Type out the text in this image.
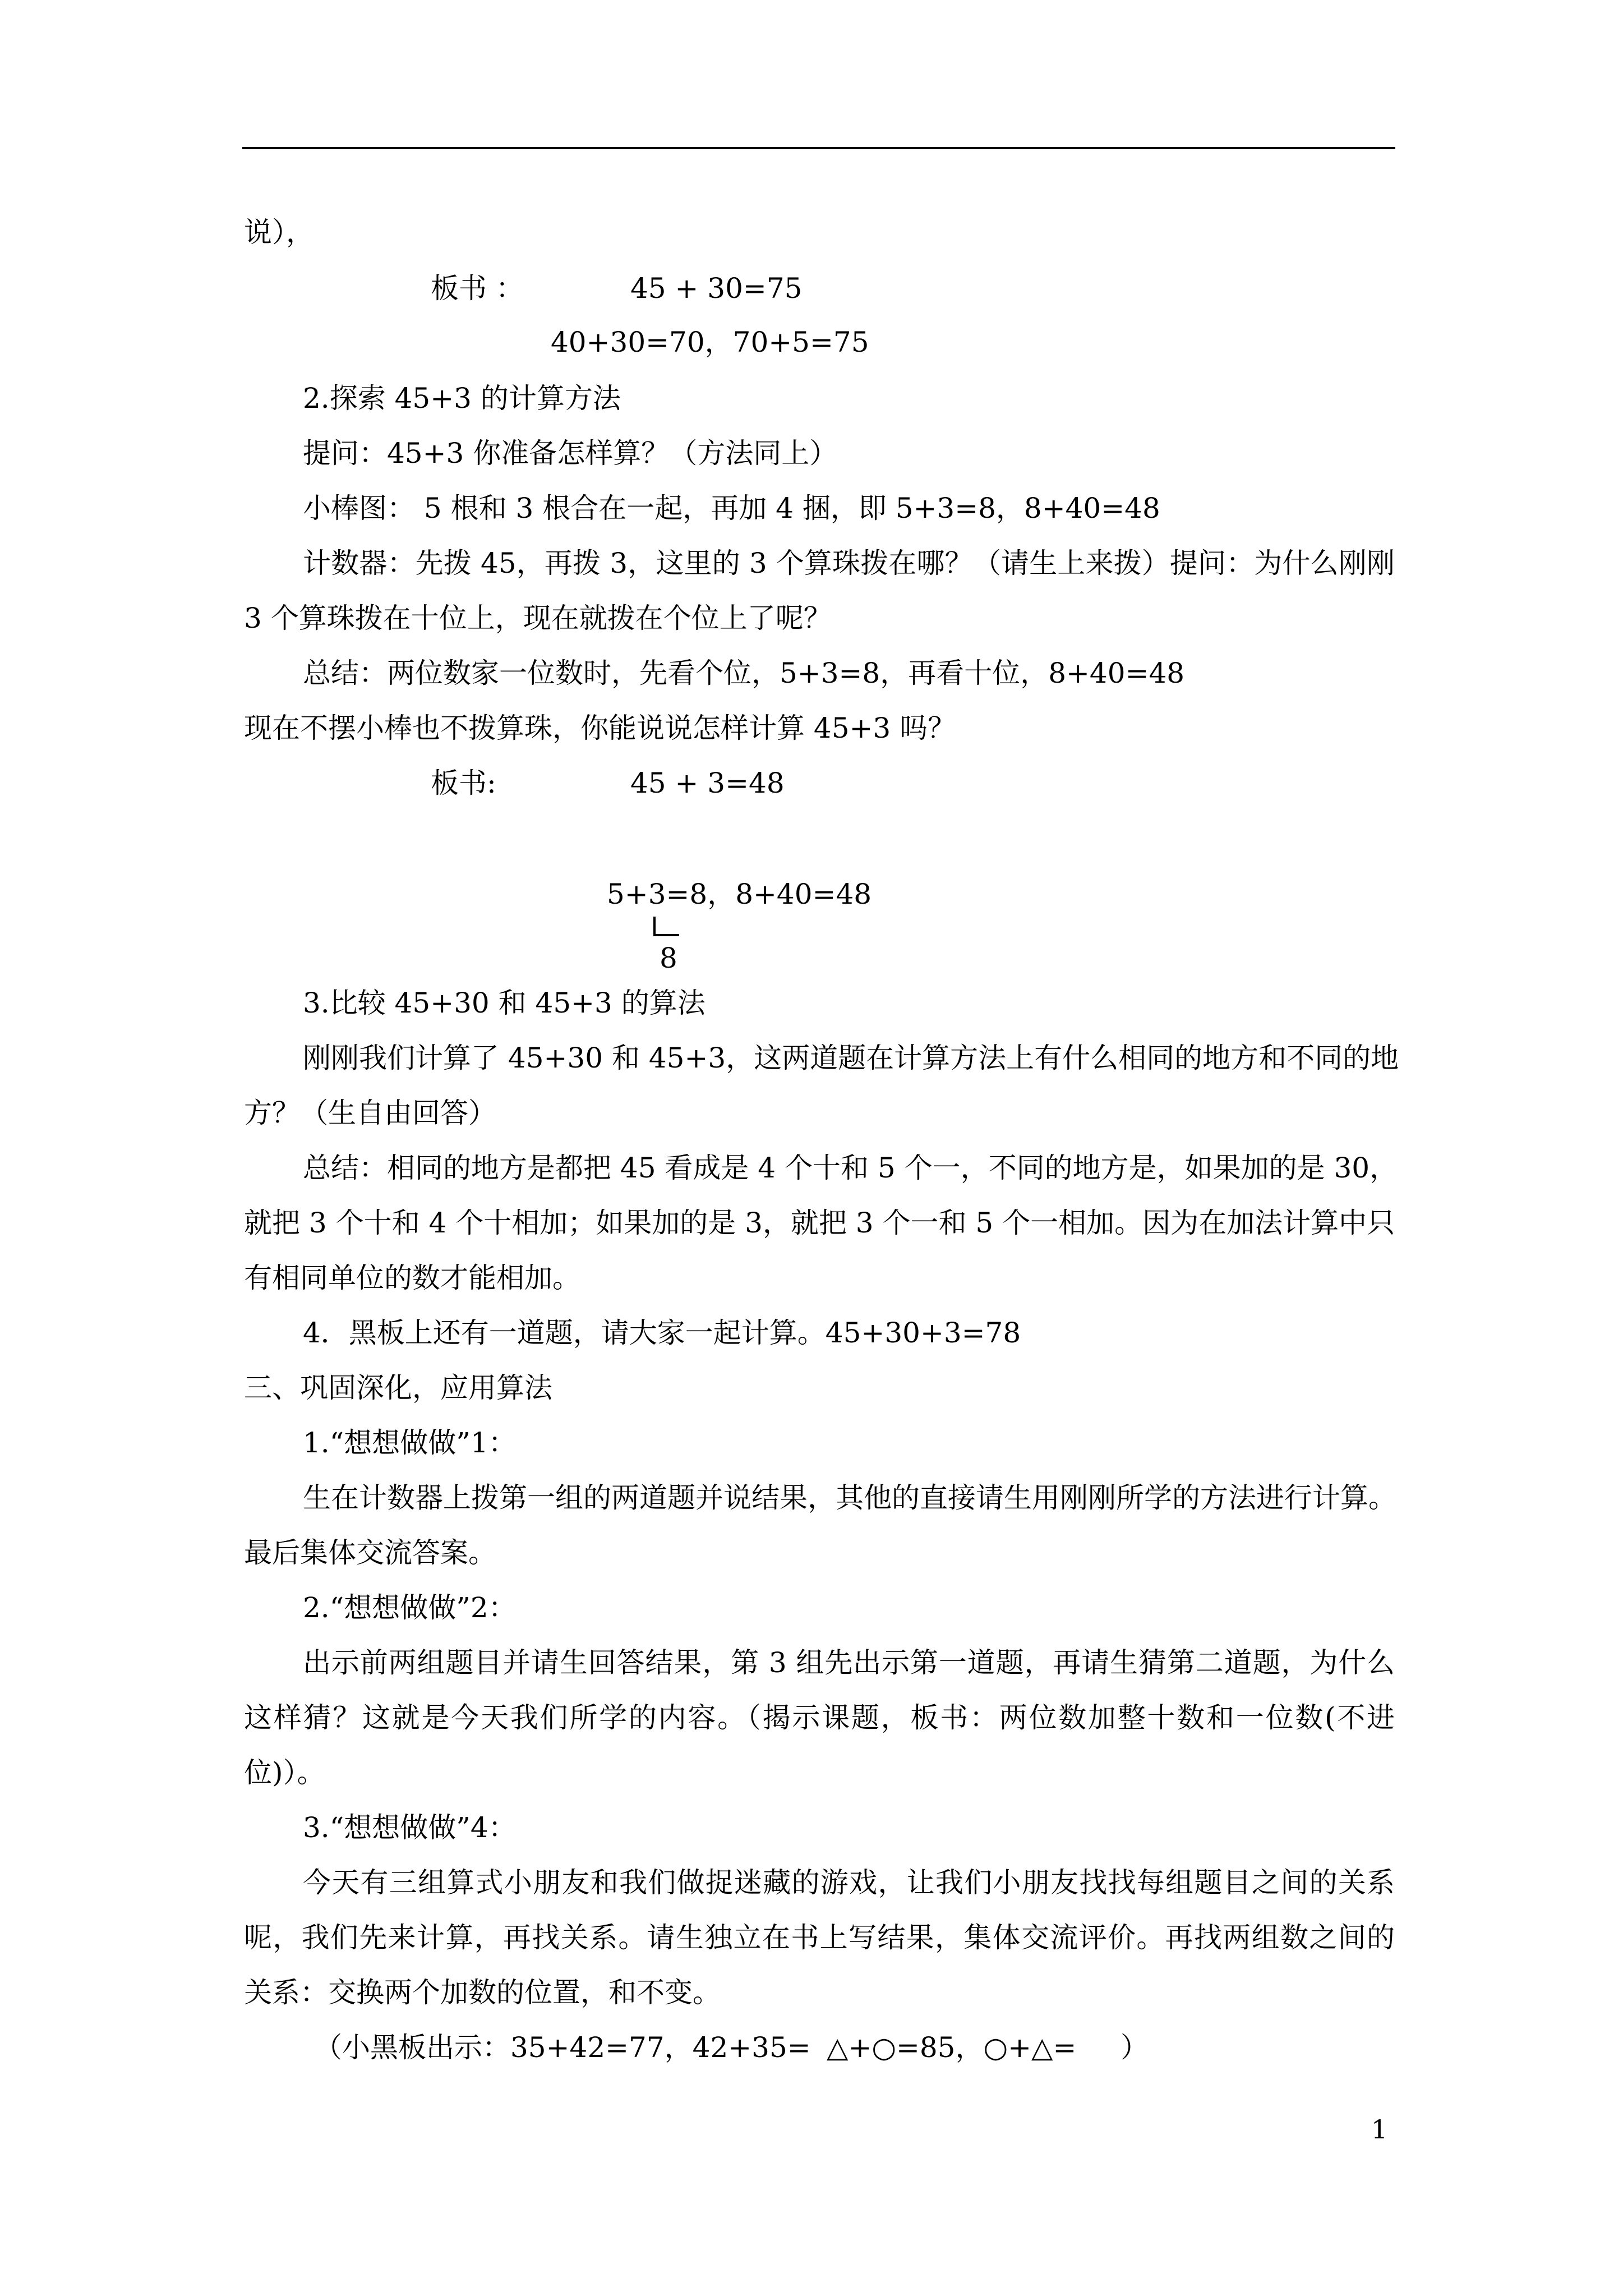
说），
板书 ：	45 + 30=75
40+30=70，70+5=75
2.探索 45+3 的计算方法
提问：45+3 你准备怎样算？（方法同上）
小棒图： 5 根和 3 根合在一起，再加 4 捆，即 5+3=8，8+40=48
计数器：先拨 45，再拨 3，这里的 3 个算珠拨在哪？（请生上来拨）提问：为什么刚刚
3 个算珠拨在十位上，现在就拨在个位上了呢？
总结：两位数家一位数时，先看个位，5+3=8，再看十位，8+40=48
现在不摆小棒也不拨算珠，你能说说怎样计算 45+3 吗？
板书:	45 + 3=48
5+3=8，8+40=48
8
3.比较 45+30 和 45+3 的算法
刚刚我们计算了 45+30 和 45+3，这两道题在计算方法上有什么相同的地方和不同的地
方？（生自由回答）
总结：相同的地方是都把 45 看成是 4 个十和 5 个一，不同的地方是，如果加的是 30，
就把 3 个十和 4 个十相加；如果加的是 3，就把 3 个一和 5 个一相加。因为在加法计算中只
有相同单位的数才能相加。
4．黑板上还有一道题，请大家一起计算。45+30+3=78
三、巩固深化，应用算法
1.“想想做做”1：
生在计数器上拨第一组的两道题并说结果，其他的直接请生用刚刚所学的方法进行计算。
最后集体交流答案。
2.“想想做做”2：
出示前两组题目并请生回答结果，第 3 组先出示第一道题，再请生猜第二道题，为什么
这样猜？这就是今天我们所学的内容。（揭示课题，板书：两位数加整十数和一位数(不进
位)）。
3.“想想做做”4：
今天有三组算式小朋友和我们做捉迷藏的游戏，让我们小朋友找找每组题目之间的关系
呢，我们先来计算，再找关系。请生独立在书上写结果，集体交流评价。再找两组数之间的
关系：交换两个加数的位置，和不变。
（小黑板出示：35+42=77，42+35= △+○=85，○+△= ）
1
